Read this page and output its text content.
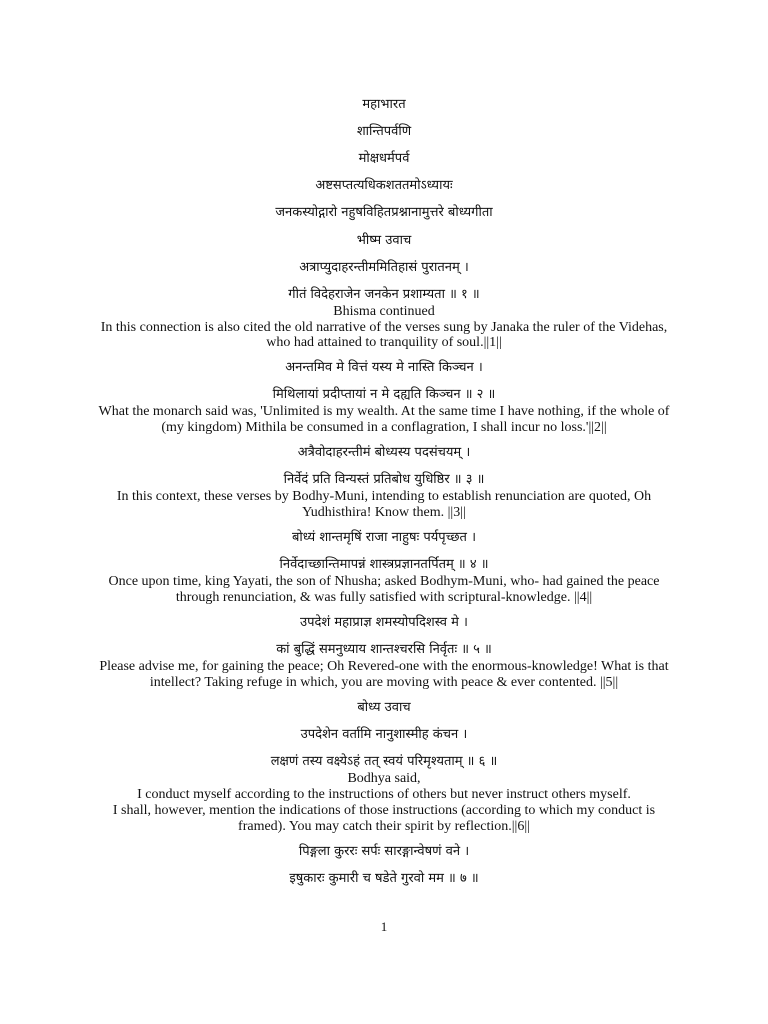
महाभारत
शान्तिपर्वणि
मोक्षधर्मपर्व
अष्टसप्तत्यधिकशततमोऽध्यायः
जनकस्योद्गारो नहुषविहितप्रश्नानामुत्तरे बोध्यगीता
भीष्म उवाच
अत्राप्युदाहरन्तीममितिहासं पुरातनम् ।
गीतं विदेहराजेन जनकेन प्रशाम्यता ॥ १ ॥
Bhisma continued
In this connection is also cited the old narrative of the verses sung by Janaka the ruler of the Videhas,
who had attained to tranquility of soul.||1||
अनन्तमिव मे वित्तं यस्य मे नास्ति किञ्चन ।
मिथिलायां प्रदीप्तायां न मे दह्यति किञ्चन ॥ २ ॥
What the monarch said was, 'Unlimited is my wealth. At the same time I have nothing, if the whole of
(my kingdom) Mithila be consumed in a conflagration, I shall incur no loss.'||2||
अत्रैवोदाहरन्तीमं बोध्यस्य पदसंचयम् ।
निर्वेदं प्रति विन्यस्तं प्रतिबोध युधिष्ठिर ॥ ३ ॥
In this context, these verses by Bodhy-Muni, intending to establish renunciation are quoted, Oh
Yudhisthira! Know them. ||3||
बोध्यं शान्तमृषिं राजा नाहुषः पर्यपृच्छत ।
निर्वेदाच्छान्तिमापन्नं शास्त्रप्रज्ञानतर्पितम् ॥ ४ ॥
Once upon time, king Yayati, the son of Nhusha; asked Bodhym-Muni, who- had gained the peace
through renunciation, & was fully satisfied with scriptural-knowledge. ||4||
उपदेशं महाप्राज्ञ शमस्योपदिशस्व मे ।
कां बुद्धिं समनुध्याय शान्तश्चरसि निर्वृतः ॥ ५ ॥
Please advise me, for gaining the peace; Oh Revered-one with the enormous-knowledge! What is that
intellect? Taking refuge in which, you are moving with peace & ever contented. ||5||
बोध्य उवाच
उपदेशेन वर्तामि नानुशास्मीह कंचन ।
लक्षणं तस्य वक्ष्येऽहं तत् स्वयं परिमृश्यताम् ॥ ६ ॥
Bodhya said,
I conduct myself according to the instructions of others but never instruct others myself.
I shall, however, mention the indications of those instructions (according to which my conduct is
framed). You may catch their spirit by reflection.||6||
पिङ्गला कुररः सर्पः सारङ्गान्वेषणं वने ।
इषुकारः कुमारी च षडेते गुरवो मम ॥ ७ ॥
1
